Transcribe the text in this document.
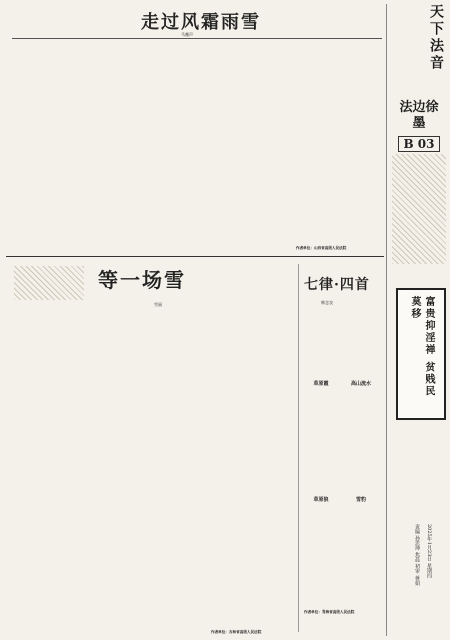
走过风霜雨雪
马鹰声
作者单位：山西省高级人民法院
等一场雪
雪丽
作者单位：吉林省高级人民法院
七律·四首
韩念良
草原霞	高山流水
草原狼	雪豹
作者单位：青海省高级人民法院
天下法音
法边徐墨
B 03
富贵抑淫禅 贫贱民莫移
2025年1月23日 星期四
责编 孙思坤 焦晨 初审 蒋娟
